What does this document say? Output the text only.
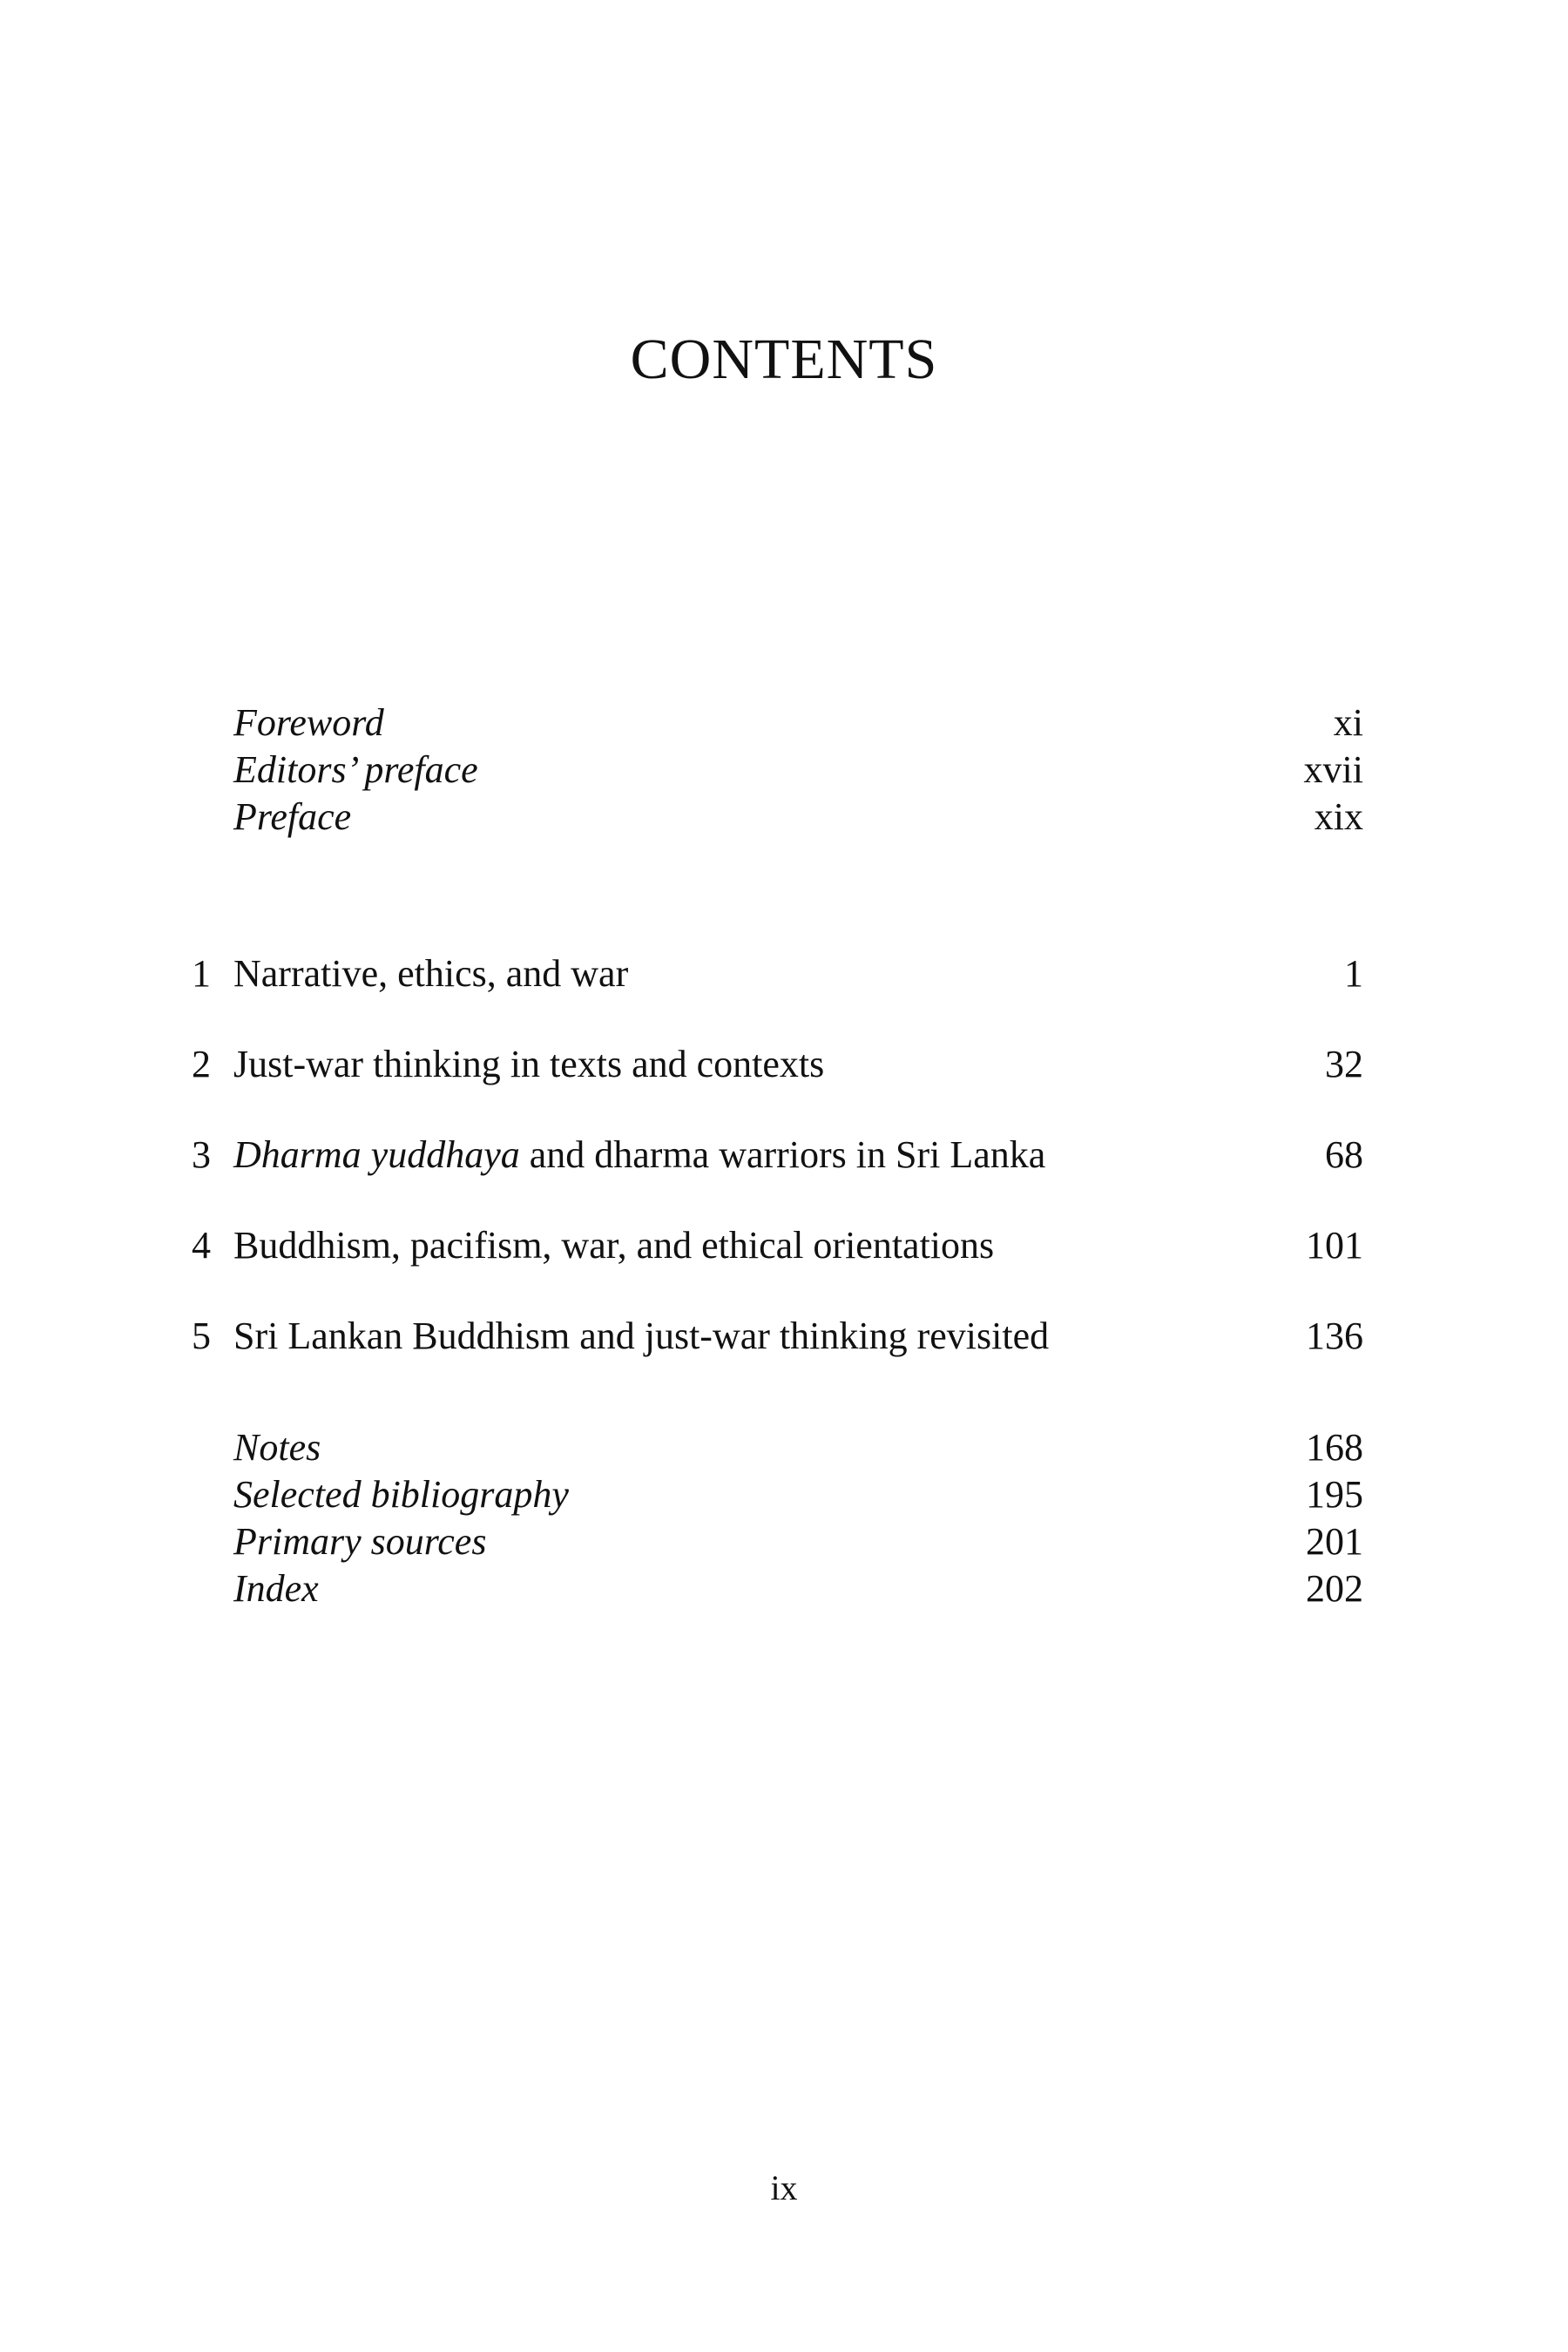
CONTENTS
Foreword	xi
Editors’ preface	xvii
Preface	xix
1 Narrative, ethics, and war	1
2 Just-war thinking in texts and contexts	32
3 Dharma yuddhaya and dharma warriors in Sri Lanka	68
4 Buddhism, pacifism, war, and ethical orientations	101
5 Sri Lankan Buddhism and just-war thinking revisited	136
Notes	168
Selected bibliography	195
Primary sources	201
Index	202
ix
